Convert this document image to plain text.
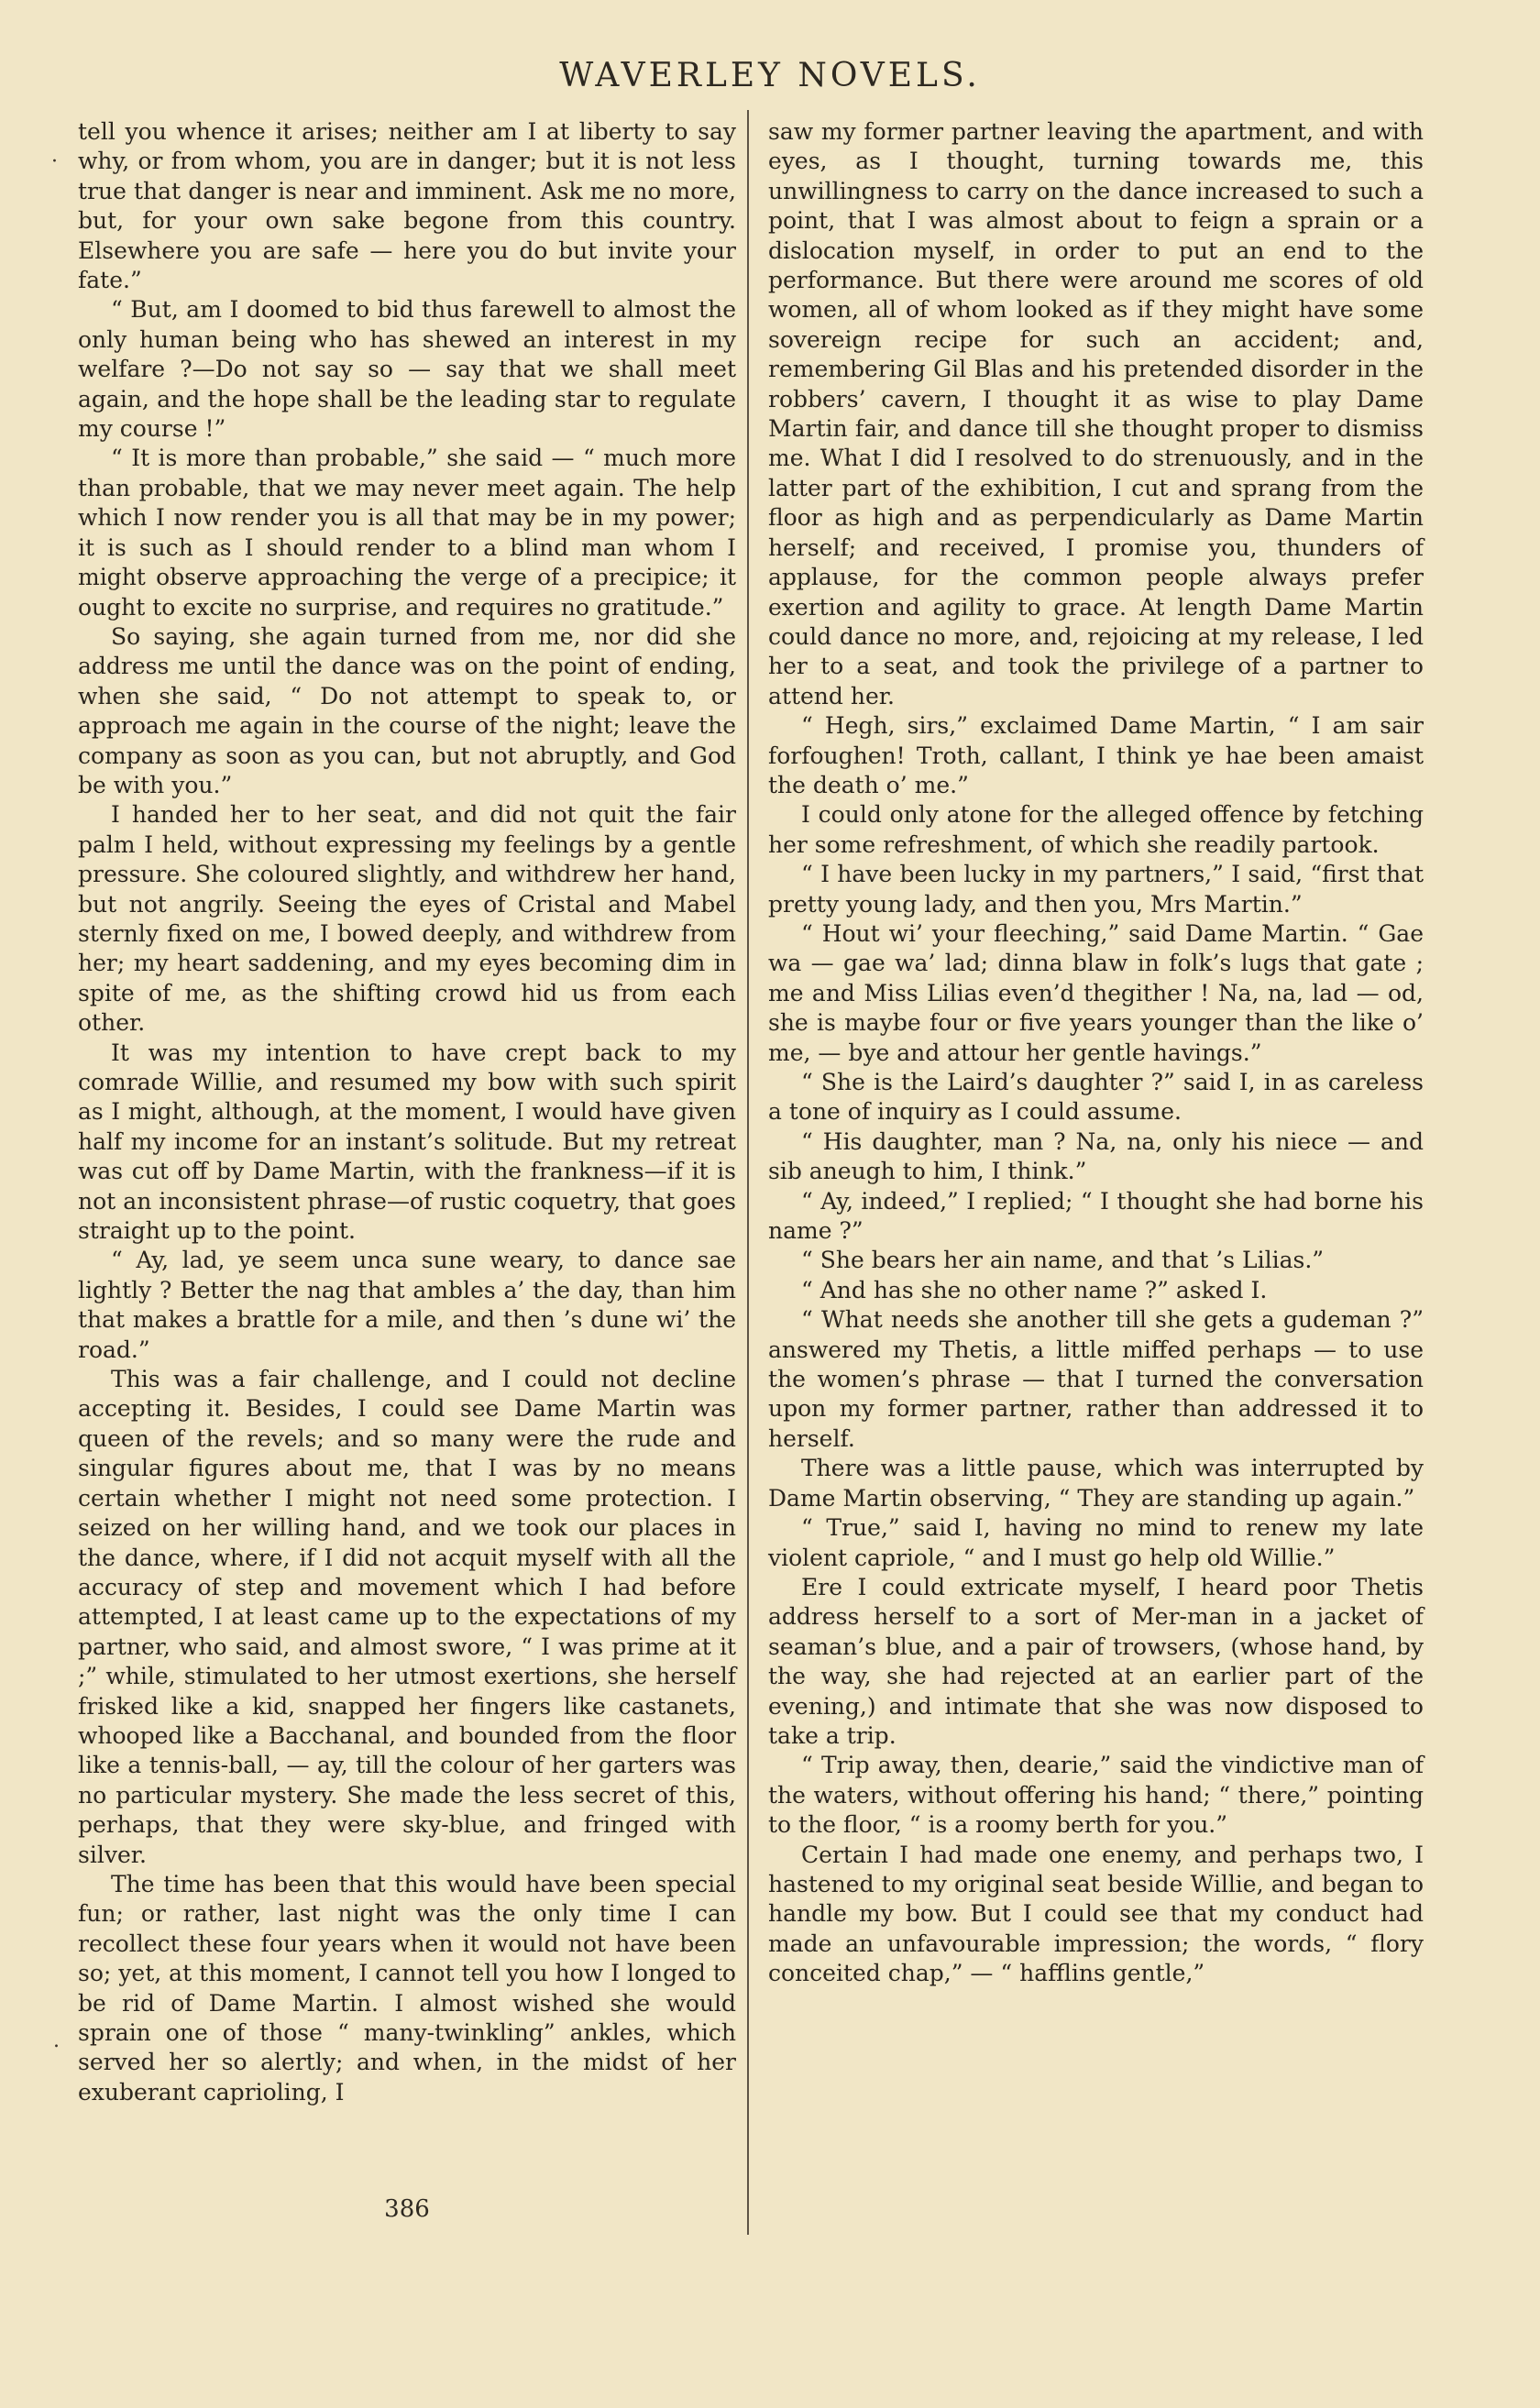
WAVERLEY NOVELS.
·
.

tell you whence it arises; neither am I at liberty to say why, or from whom, you are in danger; but it is not less true that danger is near and imminent. Ask me no more, but, for your own sake begone from this country. Elsewhere you are safe — here you do but invite your fate.”

“ But, am I doomed to bid thus farewell to almost the only human being who has shewed an interest in my welfare ?—Do not say so — say that we shall meet again, and the hope shall be the leading star to regulate my course !”

“ It is more than probable,” she said — “ much more than probable, that we may never meet again. The help which I now render you is all that may be in my power; it is such as I should render to a blind man whom I might observe approaching the verge of a precipice; it ought to excite no surprise, and requires no gratitude.”

So saying, she again turned from me, nor did she address me until the dance was on the point of ending, when she said, “ Do not attempt to speak to, or approach me again in the course of the night; leave the company as soon as you can, but not abruptly, and God be with you.”

I handed her to her seat, and did not quit the fair palm I held, without expressing my feelings by a gentle pressure. She coloured slightly, and withdrew her hand, but not angrily. Seeing the eyes of Cristal and Mabel sternly fixed on me, I bowed deeply, and withdrew from her; my heart saddening, and my eyes becoming dim in spite of me, as the shifting crowd hid us from each other.

It was my intention to have crept back to my comrade Willie, and resumed my bow with such spirit as I might, although, at the moment, I would have given half my income for an instant’s solitude. But my retreat was cut off by Dame Martin, with the frankness—if it is not an inconsistent phrase—of rustic coquetry, that goes straight up to the point.

“ Ay, lad, ye seem unca sune weary, to dance sae lightly ? Better the nag that ambles a’ the day, than him that makes a brattle for a mile, and then ’s dune wi’ the road.”

This was a fair challenge, and I could not decline accepting it. Besides, I could see Dame Martin was queen of the revels; and so many were the rude and singular figures about me, that I was by no means certain whether I might not need some protection. I seized on her willing hand, and we took our places in the dance, where, if I did not acquit myself with all the accuracy of step and movement which I had before attempted, I at least came up to the expectations of my partner, who said, and almost swore, “ I was prime at it ;” while, stimulated to her utmost exertions, she herself frisked like a kid, snapped her fingers like castanets, whooped like a Bacchanal, and bounded from the floor like a tennis-ball, — ay, till the colour of her garters was no particular mystery. She made the less secret of this, perhaps, that they were sky-blue, and fringed with silver.

The time has been that this would have been special fun; or rather, last night was the only time I can recollect these four years when it would not have been so; yet, at this moment, I cannot tell you how I longed to be rid of Dame Martin. I almost wished she would sprain one of those “ many-twinkling” ankles, which served her so alertly; and when, in the midst of her exuberant caprioling, I

386

saw my former partner leaving the apartment, and with eyes, as I thought, turning towards me, this unwillingness to carry on the dance increased to such a point, that I was almost about to feign a sprain or a dislocation myself, in order to put an end to the performance. But there were around me scores of old women, all of whom looked as if they might have some sovereign recipe for such an accident; and, remembering Gil Blas and his pretended disorder in the robbers’ cavern, I thought it as wise to play Dame Martin fair, and dance till she thought proper to dismiss me. What I did I resolved to do strenuously, and in the latter part of the exhibition, I cut and sprang from the floor as high and as perpendicularly as Dame Martin herself; and received, I promise you, thunders of applause, for the common people always prefer exertion and agility to grace. At length Dame Martin could dance no more, and, rejoicing at my release, I led her to a seat, and took the privilege of a partner to attend her.

“ Hegh, sirs,” exclaimed Dame Martin, “ I am sair forfoughen! Troth, callant, I think ye hae been amaist the death o’ me.”

I could only atone for the alleged offence by fetching her some refreshment, of which she readily partook.

“ I have been lucky in my partners,” I said, “first that pretty young lady, and then you, Mrs Martin.”

“ Hout wi’ your fleeching,” said Dame Martin. “ Gae wa — gae wa’ lad; dinna blaw in folk’s lugs that gate ; me and Miss Lilias even’d thegither ! Na, na, lad — od, she is maybe four or five years younger than the like o’ me, — bye and attour her gentle havings.”

“ She is the Laird’s daughter ?” said I, in as careless a tone of inquiry as I could assume.

“ His daughter, man ? Na, na, only his niece — and sib aneugh to him, I think.”

“ Ay, indeed,” I replied; “ I thought she had borne his name ?”

“ She bears her ain name, and that ’s Lilias.”

“ And has she no other name ?” asked I.

“ What needs she another till she gets a gudeman ?” answered my Thetis, a little miffed perhaps — to use the women’s phrase — that I turned the conversation upon my former partner, rather than addressed it to herself.

There was a little pause, which was interrupted by Dame Martin observing, “ They are standing up again.”

“ True,” said I, having no mind to renew my late violent capriole, “ and I must go help old Willie.”

Ere I could extricate myself, I heard poor Thetis address herself to a sort of Mer-man in a jacket of seaman’s blue, and a pair of trowsers, (whose hand, by the way, she had rejected at an earlier part of the evening,) and intimate that she was now disposed to take a trip.

“ Trip away, then, dearie,” said the vindictive man of the waters, without offering his hand; “ there,” pointing to the floor, “ is a roomy berth for you.”

Certain I had made one enemy, and perhaps two, I hastened to my original seat beside Willie, and began to handle my bow. But I could see that my conduct had made an unfavourable impression; the words, “ flory conceited chap,” — “ hafflins gentle,”
